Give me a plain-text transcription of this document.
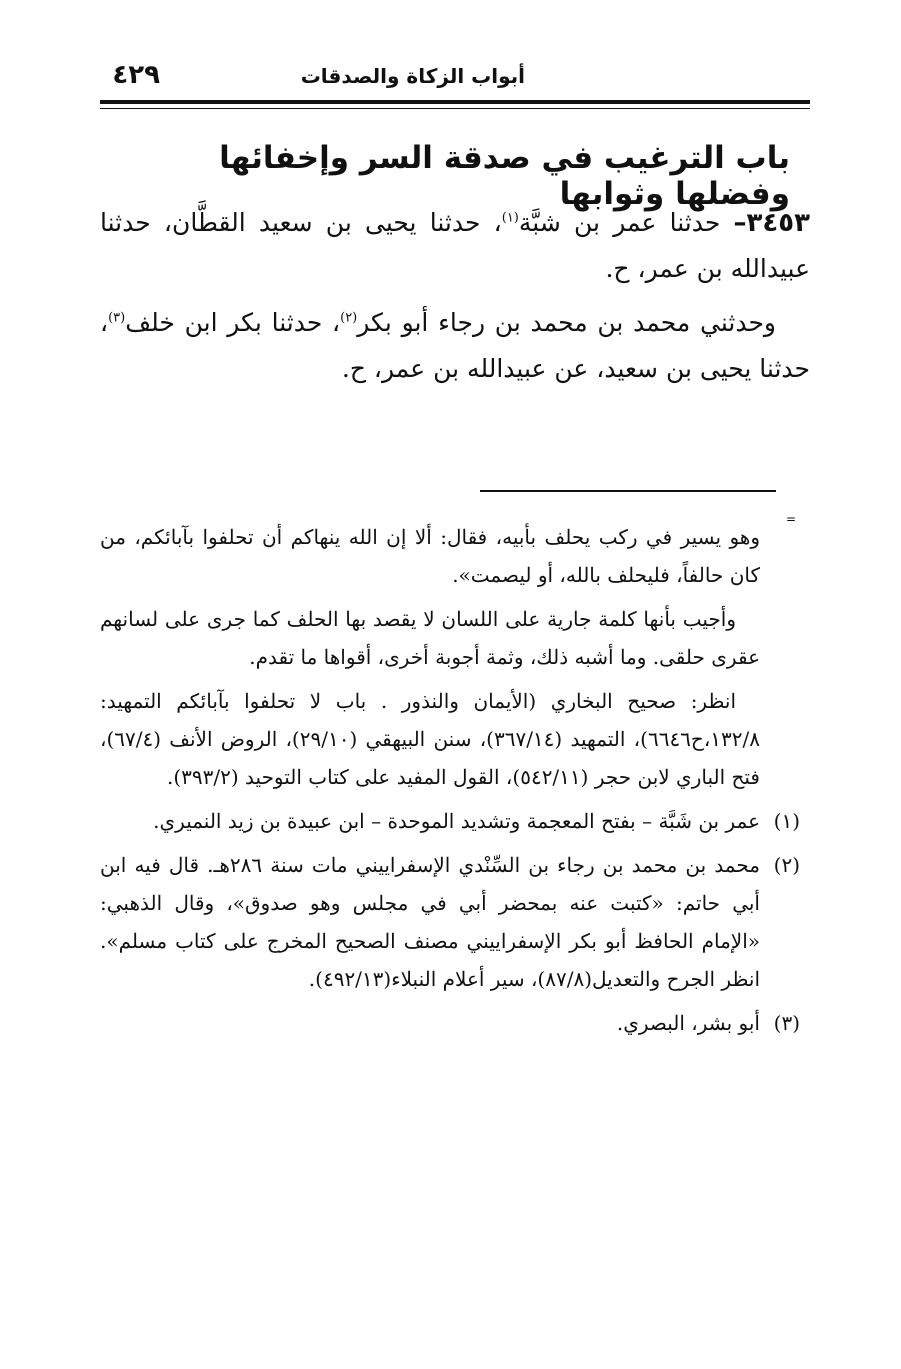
٤٢٩	أبواب الزكاة والصدقات
باب الترغيب في صدقة السر وإخفائها وفضلها وثوابها

٣٤٥٣– حدثنا عمر بن شبَّة$^{(١)}$، حدثنا يحيى بن سعيد القطَّان، حدثنا عبيدالله بن عمر، ح.

وحدثني محمد بن محمد بن رجاء أبو بكر$^{(٢)}$، حدثنا بكر ابن خلف$^{(٣)}$، حدثنا يحيى بن سعيد، عن عبيدالله بن عمر، ح.

=

وهو يسير في ركب يحلف بأبيه، فقال: ألا إن الله ينهاكم أن تحلفوا بآبائكم، من كان حالفاً، فليحلف بالله، أو ليصمت».

وأجيب بأنها كلمة جارية على اللسان لا يقصد بها الحلف كما جرى على لسانهم عقرى حلقى. وما أشبه ذلك، وثمة أجوبة أخرى، أقواها ما تقدم.

انظر: صحيح البخاري (الأيمان والنذور . باب لا تحلفوا بآبائكم التمهيد: ١٣٢/٨،ح٦٦٤٦)، التمهيد (٣٦٧/١٤)، سنن البيهقي (٢٩/١٠)، الروض الأنف (٦٧/٤)، فتح الباري لابن حجر (٥٤٢/١١)، القول المفيد على كتاب التوحيد (٣٩٣/٢).

(١)عمر بن شَبَّة – بفتح المعجمة وتشديد الموحدة – ابن عبيدة بن زيد النميري.

(٢)محمد بن محمد بن رجاء بن السِّنْدي الإسفراييني مات سنة ٢٨٦هـ. قال فيه ابن أبي حاتم: «كتبت عنه بمحضر أبي في مجلس وهو صدوق»، وقال الذهبي: «الإمام الحافظ أبو بكر الإسفراييني مصنف الصحيح المخرج على كتاب مسلم». انظر الجرح والتعديل(٨٧/٨)، سير أعلام النبلاء(٤٩٢/١٣).

(٣)أبو بشر، البصري.
